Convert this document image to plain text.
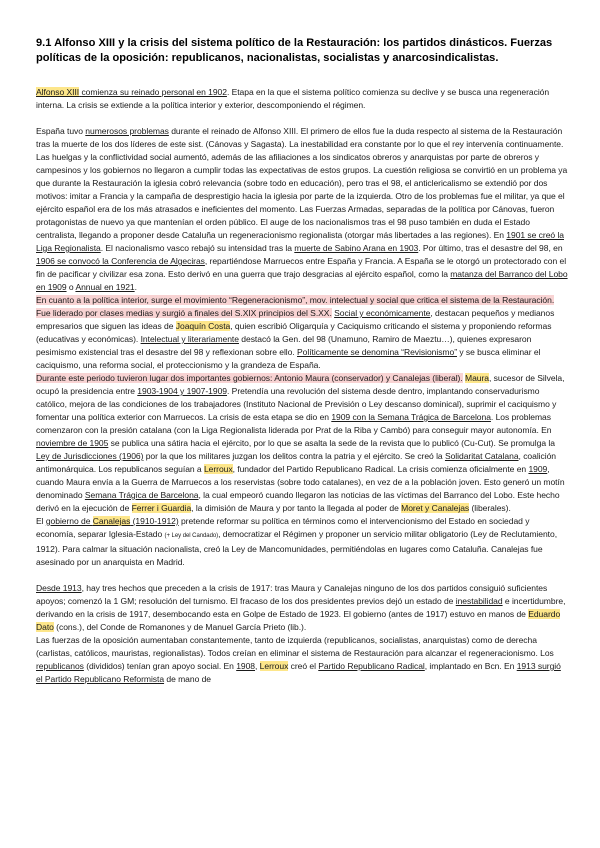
9.1 Alfonso XIII y la crisis del sistema político de la Restauración: los partidos dinásticos. Fuerzas políticas de la oposición: republicanos, nacionalistas, socialistas y anarcosindicalistas.

Alfonso XIII comienza su reinado personal en 1902. Etapa en la que el sistema político comienza su declive y se busca una regeneración interna. La crisis se extiende a la política interior y exterior, descomponiendo el régimen.

España tuvo numerosos problemas durante el reinado de Alfonso XIII. El primero de ellos fue la duda respecto al sistema de la Restauración tras la muerte de los dos líderes de este sist. (Cánovas y Sagasta). La inestabilidad era constante por lo que el rey intervenía continuamente. Las huelgas y la conflictividad social aumentó, además de las afiliaciones a los sindicatos obreros y anarquistas por parte de obreros y campesinos y los gobiernos no llegaron a cumplir todas las expectativas de estos grupos. La cuestión religiosa se convirtió en un problema ya que durante la Restauración la iglesia cobró relevancia (sobre todo en educación), pero tras el 98, el anticlericalismo se extendió por dos motivos: imitar a Francia y la campaña de desprestigio hacia la iglesia por parte de la izquierda. Otro de los problemas fue el militar, ya que el ejército español era de los más atrasados e ineficientes del momento. Las Fuerzas Armadas, separadas de la política por Cánovas, fueron protagonistas de nuevo ya que mantenían el orden público. El auge de los nacionalismos tras el 98 puso también en duda el Estado centralista, llegando a proponer desde Cataluña un regeneracionismo regionalista (otorgar más libertades a las regiones). En 1901 se creó la Liga Regionalista. El nacionalismo vasco rebajó su intensidad tras la muerte de Sabino Arana en 1903. Por último, tras el desastre del 98, en 1906 se convocó la Conferencia de Algeciras, repartiéndose Marruecos entre España y Francia. A España se le otorgó un protectorado con el fin de pacificar y civilizar esa zona. Esto derivó en una guerra que trajo desgracias al ejército español, como la matanza del Barranco del Lobo en 1909 o Annual en 1921.

En cuanto a la política interior, surge el movimiento “Regeneracionismo”, mov. intelectual y social que critica el sistema de la Restauración. Fue liderado por clases medias y surgió a finales del S.XIX principios del S.XX. Social y económicamente, destacan pequeños y medianos empresarios que siguen las ideas de Joaquín Costa, quien escribió Oligarquía y Caciquismo criticando el sistema y proponiendo reformas (educativas y económicas). Intelectual y literariamente destacó la Gen. del 98 (Unamuno, Ramiro de Maeztu…), quienes expresaron pesimismo existencial tras el desastre del 98 y reflexionan sobre ello. Políticamente se denomina “Revisionismo” y se busca eliminar el caciquismo, una reforma social, el proteccionismo y la grandeza de España.

Durante este periodo tuvieron lugar dos importantes gobiernos: Antonio Maura (conservador) y Canalejas (liberal). Maura, sucesor de Silvela, ocupó la presidencia entre 1903-1904 y 1907-1909. Pretendía una revolución del sistema desde dentro, implantando conservadurismo católico, mejora de las condiciones de los trabajadores (Instituto Nacional de Previsión o Ley descanso dominical), suprimir el caciquismo y fomentar una política exterior con Marruecos. La crisis de esta etapa se dio en 1909 con la Semana Trágica de Barcelona. Los problemas comenzaron con la presión catalana (con la Liga Regionalista liderada por Prat de la Riba y Cambó) para conseguir mayor autonomía. En noviembre de 1905 se publica una sátira hacia el ejército, por lo que se asalta la sede de la revista que lo publicó (Cu-Cut). Se promulga la Ley de Jurisdicciones (1906) por la que los militares juzgan los delitos contra la patria y el ejército. Se creó la Solidaritat Catalana, coalición antimonárquica. Los republicanos seguían a Lerroux, fundador del Partido Republicano Radical. La crisis comienza oficialmente en 1909, cuando Maura envía a la Guerra de Marruecos a los reservistas (sobre todo catalanes), en vez de a la población joven. Esto generó un motín denominado Semana Trágica de Barcelona, la cual empeoró cuando llegaron las noticias de las víctimas del Barranco del Lobo. Este hecho derivó en la ejecución de Ferrer i Guardia, la dimisión de Maura y por tanto la llegada al poder de Moret y Canalejas (liberales).

El gobierno de Canalejas (1910-1912) pretende reformar su política en términos como el intervencionismo del Estado en sociedad y economía, separar Iglesia-Estado (+ Ley del Candado), democratizar el Régimen y proponer un servicio militar obligatorio (Ley de Reclutamiento, 1912). Para calmar la situación nacionalista, creó la Ley de Mancomunidades, permitiéndolas en lugares como Cataluña. Canalejas fue asesinado por un anarquista en Madrid.

Desde 1913, hay tres hechos que preceden a la crisis de 1917: tras Maura y Canalejas ninguno de los dos partidos consiguió suficientes apoyos; comenzó la 1 GM; resolución del turnismo. El fracaso de los dos presidentes previos dejó un estado de inestabilidad e incertidumbre, derivando en la crisis de 1917, desembocando esta en Golpe de Estado de 1923. El gobierno (antes de 1917) estuvo en manos de Eduardo Dato (cons.), del Conde de Romanones y de Manuel García Prieto (lib.).

Las fuerzas de la oposición aumentaban constantemente, tanto de izquierda (republicanos, socialistas, anarquistas) como de derecha (carlistas, católicos, mauristas, regionalistas). Todos creían en eliminar el sistema de Restauración para alcanzar el regeneracionismo. Los republicanos (divididos) tenían gran apoyo social. En 1908, Lerroux creó el Partido Republicano Radical, implantado en Bcn. En 1913 surgió el Partido Republicano Reformista de mano de
